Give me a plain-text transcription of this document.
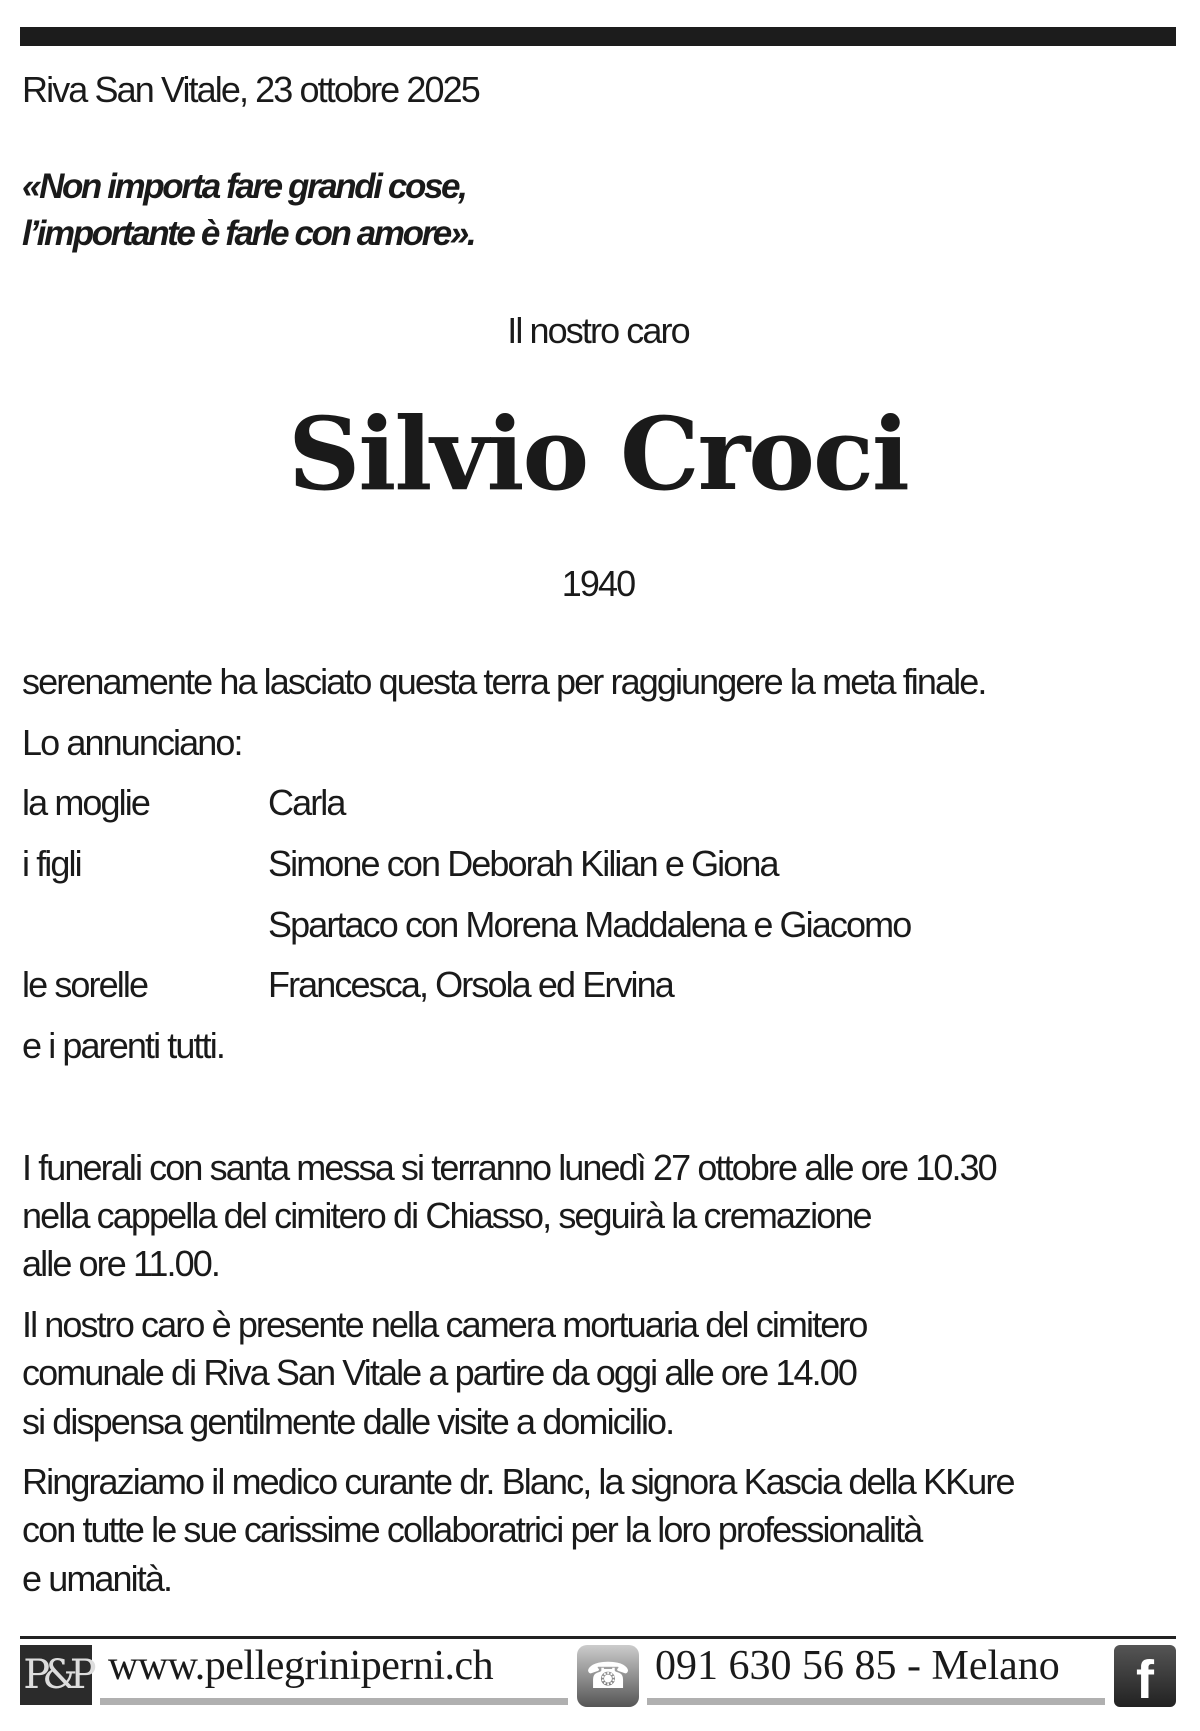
Riva San Vitale, 23 ottobre 2025
«Non importa fare grandi cose,
l’importante è farle con amore».
Il nostro caro
Silvio Croci
1940
serenamente ha lasciato questa terra per raggiungere la meta finale.
Lo annunciano:
la moglie	Carla
i figli	Simone con Deborah Kilian e Giona
Spartaco con Morena Maddalena e Giacomo
le sorelle	Francesca, Orsola ed Ervina
e i parenti tutti.
I funerali con santa messa si terranno lunedì 27 ottobre alle ore 10.30
nella cappella del cimitero di Chiasso, seguirà la cremazione
alle ore 11.00.
Il nostro caro è presente nella camera mortuaria del cimitero
comunale di Riva San Vitale a partire da oggi alle ore 14.00
si dispensa gentilmente dalle visite a domicilio.
Ringraziamo il medico curante dr. Blanc, la signora Kascia della KKure
con tutte le sue carissime collaboratrici per la loro professionalità
e umanità.
P&P www.pellegriniperni.ch	☎ 091 630 56 85 - Melano	f
